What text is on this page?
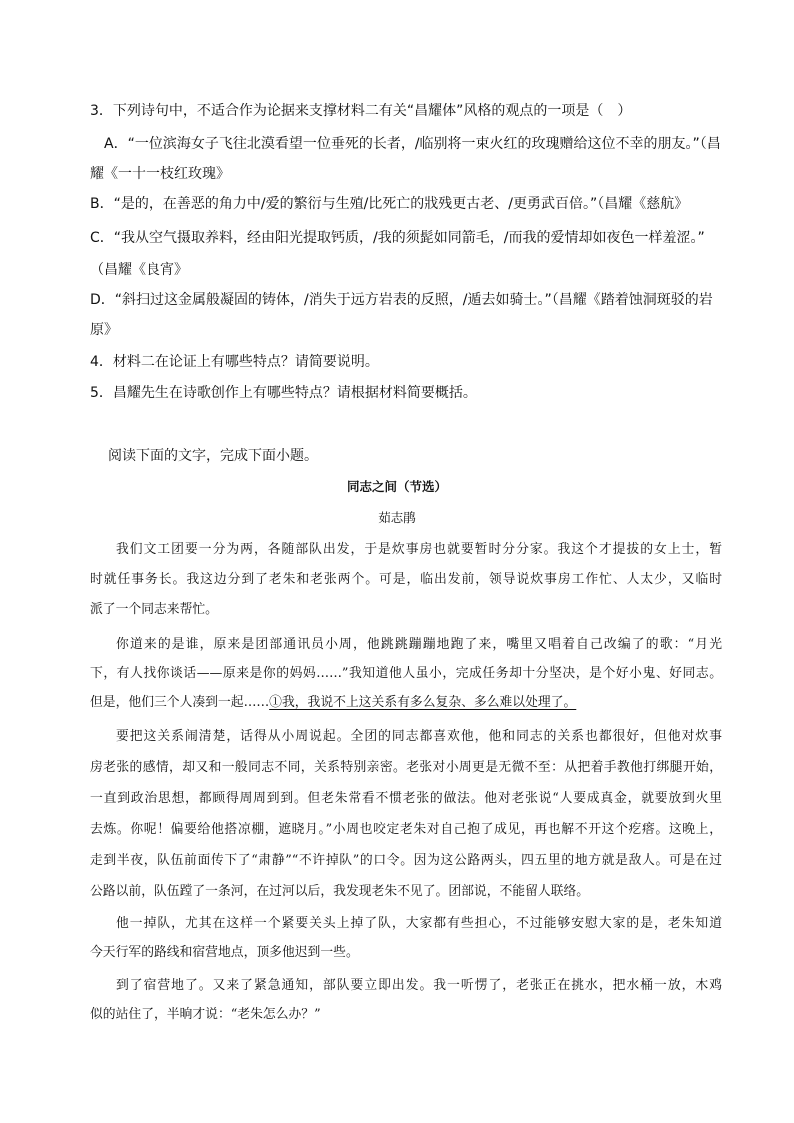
3．下列诗句中，不适合作为论据来支撑材料二有关“昌耀体”风格的观点的一项是（　）
A．“一位滨海女子飞往北漠看望一位垂死的长者，/临别将一束火红的玫瑰赠给这位不幸的朋友。”（昌
耀《一十一枝红玫瑰》
B．“是的，在善恶的角力中/爱的繁衍与生殖/比死亡的戕残更古老、/更勇武百倍。”（昌耀《慈航》
C．“我从空气摄取养料，经由阳光提取钙质，/我的须髭如同箭毛，/而我的爱情却如夜色一样羞涩。”
（昌耀《良宵》
D．“斜扫过这金属般凝固的铸体，/消失于远方岩表的反照，/遁去如骑士。”（昌耀《踏着蚀洞斑驳的岩
原》
4．材料二在论证上有哪些特点？请简要说明。
5．昌耀先生在诗歌创作上有哪些特点？请根据材料简要概括。
阅读下面的文字，完成下面小题。
同志之间（节选）
茹志鹃
我们文工团要一分为两，各随部队出发，于是炊事房也就要暂时分分家。我这个才提拔的女上士，暂
时就任事务长。我这边分到了老朱和老张两个。可是，临出发前，领导说炊事房工作忙、人太少，又临时
派了一个同志来帮忙。
你道来的是谁，原来是团部通讯员小周，他跳跳蹦蹦地跑了来，嘴里又唱着自己改编了的歌：“月光
下，有人找你谈话——原来是你的妈妈……”我知道他人虽小，完成任务却十分坚决，是个好小鬼、好同志。
但是，他们三个人凑到一起……①我，我说不上这关系有多么复杂、多么难以处理了。
要把这关系闹清楚，话得从小周说起。全团的同志都喜欢他，他和同志的关系也都很好，但他对炊事
房老张的感情，却又和一般同志不同，关系特别亲密。老张对小周更是无微不至：从把着手教他打绑腿开始，
一直到政治思想，都顾得周周到到。但老朱常看不惯老张的做法。他对老张说“人要成真金，就要放到火里
去炼。你呢！偏要给他搭凉棚，遮晓月。”小周也咬定老朱对自己抱了成见，再也解不开这个疙瘩。这晚上，
走到半夜，队伍前面传下了“肃静”“不许掉队”的口令。因为这公路两头，四五里的地方就是敌人。可是在过
公路以前，队伍蹚了一条河，在过河以后，我发现老朱不见了。团部说，不能留人联络。
他一掉队，尤其在这样一个紧要关头上掉了队，大家都有些担心，不过能够安慰大家的是，老朱知道
今天行军的路线和宿营地点，顶多他迟到一些。
到了宿营地了。又来了紧急通知，部队要立即出发。我一听愣了，老张正在挑水，把水桶一放，木鸡
似的站住了，半晌才说：“老朱怎么办？”
